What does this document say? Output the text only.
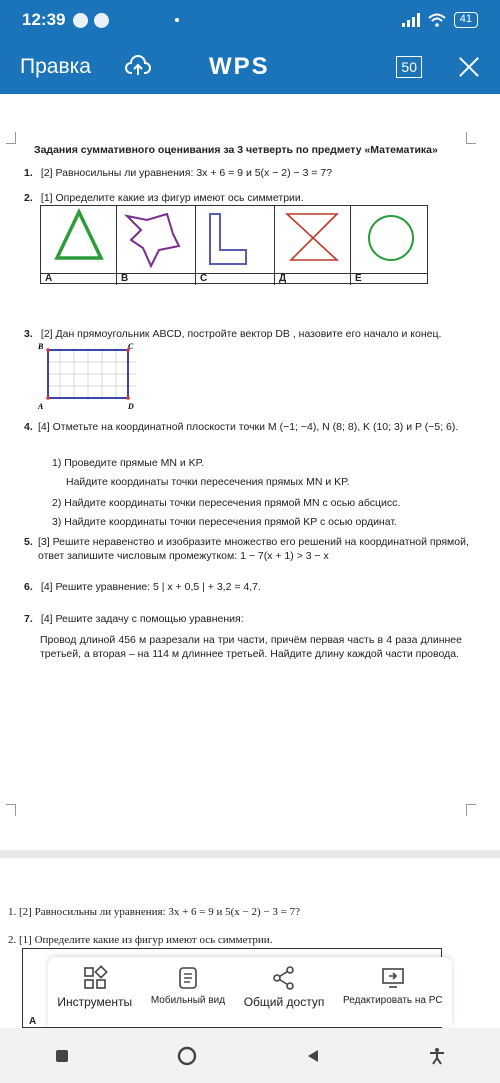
12:39	41
Правка	WPS	50
Задания суммативного оценивания за 3 четверть по предмету «Математика»
1. [2] Равносильны ли уравнения: 3x + 6 = 9 и 5(x − 2) − 3 = 7?
2. [1] Определите какие из фигур имеют ось симметрии.
A	B	C	Д	E
3. [2] Дан прямоугольник ABCD, постройте вектор DB , назовите его начало и конец.
B	C
A	D
4. [4] Отметьте на координатной плоскости точки M (−1; −4), N (8; 8), K (10; 3) и P (−5; 6).
1) Проведите прямые MN и KP.
Найдите координаты точки пересечения прямых MN и KP.
2) Найдите координаты точки пересечения прямой MN с осью абсцисс.
3) Найдите координаты точки пересечения прямой KP с осью ординат.
5. [3] Решите неравенство и изобразите множество его решений на координатной прямой, ответ запишите числовым промежутком: 1 − 7(x + 1) > 3 − x
6. [4] Решите уравнение: 5 | x + 0,5 | + 3,2 = 4,7.
7. [4] Решите задачу с помощью уравнения:
Провод длиной 456 м разрезали на три части, причём первая часть в 4 раза длиннее третьей, а вторая – на 114 м длиннее третьей. Найдите длину каждой части провода.
1. [2] Равносильны ли уравнения: 3x + 6 = 9 и 5(x − 2) − 3 = 7?
2. [1] Определите какие из фигур имеют ось симметрии.
A
Инструменты Мобильный вид Общий доступ Редактировать на PC
